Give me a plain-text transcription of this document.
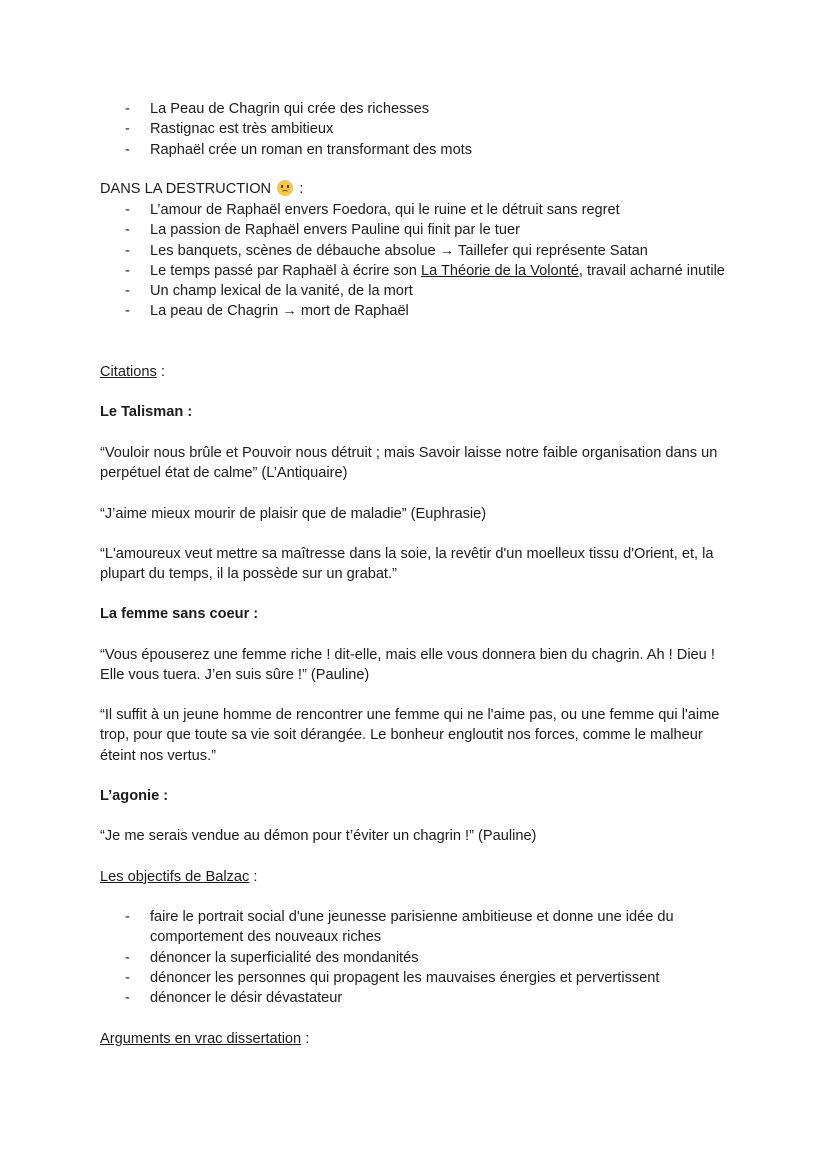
- La Peau de Chagrin qui crée des richesses
- Rastignac est très ambitieux
- Raphaël crée un roman en transformant des mots

DANS LA DESTRUCTION  :

- L’amour de Raphaël envers Foedora, qui le ruine et le détruit sans regret
- La passion de Raphaël envers Pauline qui finit par le tuer
- Les banquets, scènes de débauche absolue → Taillefer qui représente Satan
- Le temps passé par Raphaël à écrire son La Théorie de la Volonté, travail acharné inutile
- Un champ lexical de la vanité, de la mort
- La peau de Chagrin → mort de Raphaël

Citations :

Le Talisman :

“Vouloir nous brûle et Pouvoir nous détruit ; mais Savoir laisse notre faible organisation dans un perpétuel état de calme” (L’Antiquaire)

“J’aime mieux mourir de plaisir que de maladie” (Euphrasie)

“L'amoureux veut mettre sa maîtresse dans la soie, la revêtir d'un moelleux tissu d'Orient, et, la plupart du temps, il la possède sur un grabat.”

La femme sans coeur :

“Vous épouserez une femme riche ! dit-elle, mais elle vous donnera bien du chagrin. Ah ! Dieu ! Elle vous tuera. J’en suis sûre !” (Pauline)

“Il suffit à un jeune homme de rencontrer une femme qui ne l'aime pas, ou une femme qui l'aime trop, pour que toute sa vie soit dérangée. Le bonheur engloutit nos forces, comme le malheur éteint nos vertus.”

L’agonie :

“Je me serais vendue au démon pour t’éviter un chagrin !” (Pauline)

Les objectifs de Balzac :

- faire le portrait social d'une jeunesse parisienne ambitieuse et donne une idée du comportement des nouveaux riches
- dénoncer la superficialité des mondanités
- dénoncer les personnes qui propagent les mauvaises énergies et pervertissent
- dénoncer le désir dévastateur

Arguments en vrac dissertation :
